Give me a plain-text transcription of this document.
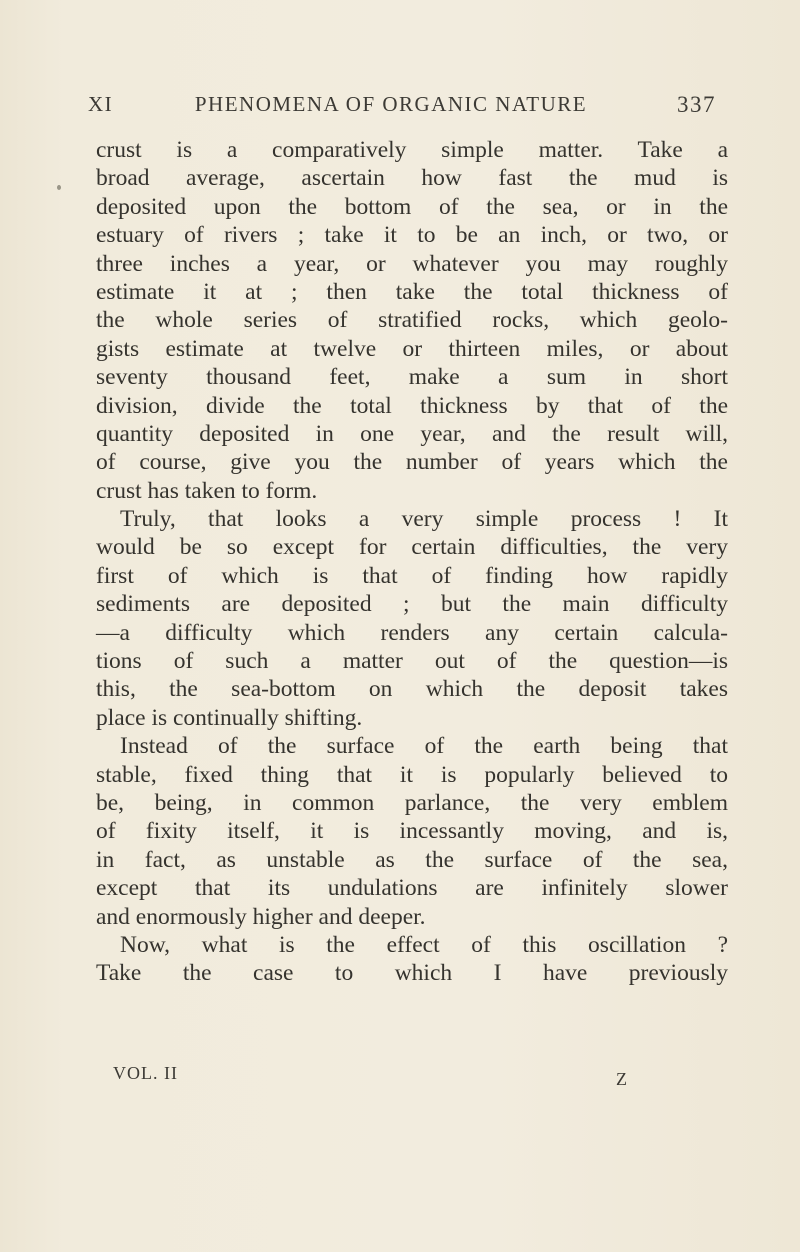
XI	PHENOMENA OF ORGANIC NATURE	337
crust is a comparatively simple matter. Take a
broad average, ascertain how fast the mud is
deposited upon the bottom of the sea, or in the
estuary of rivers ; take it to be an inch, or two, or
three inches a year, or whatever you may roughly
estimate it at ; then take the total thickness of
the whole series of stratified rocks, which geolo-
gists estimate at twelve or thirteen miles, or about
seventy thousand feet, make a sum in short
division, divide the total thickness by that of the
quantity deposited in one year, and the result will,
of course, give you the number of years which the
crust has taken to form.
Truly, that looks a very simple process ! It
would be so except for certain difficulties, the very
first of which is that of finding how rapidly
sediments are deposited ; but the main difficulty
—a difficulty which renders any certain calcula-
tions of such a matter out of the question—is
this, the sea-bottom on which the deposit takes
place is continually shifting.
Instead of the surface of the earth being that
stable, fixed thing that it is popularly believed to
be, being, in common parlance, the very emblem
of fixity itself, it is incessantly moving, and is,
in fact, as unstable as the surface of the sea,
except that its undulations are infinitely slower
and enormously higher and deeper.
Now, what is the effect of this oscillation ?
Take the case to which I have previously
VOL. II	Z
